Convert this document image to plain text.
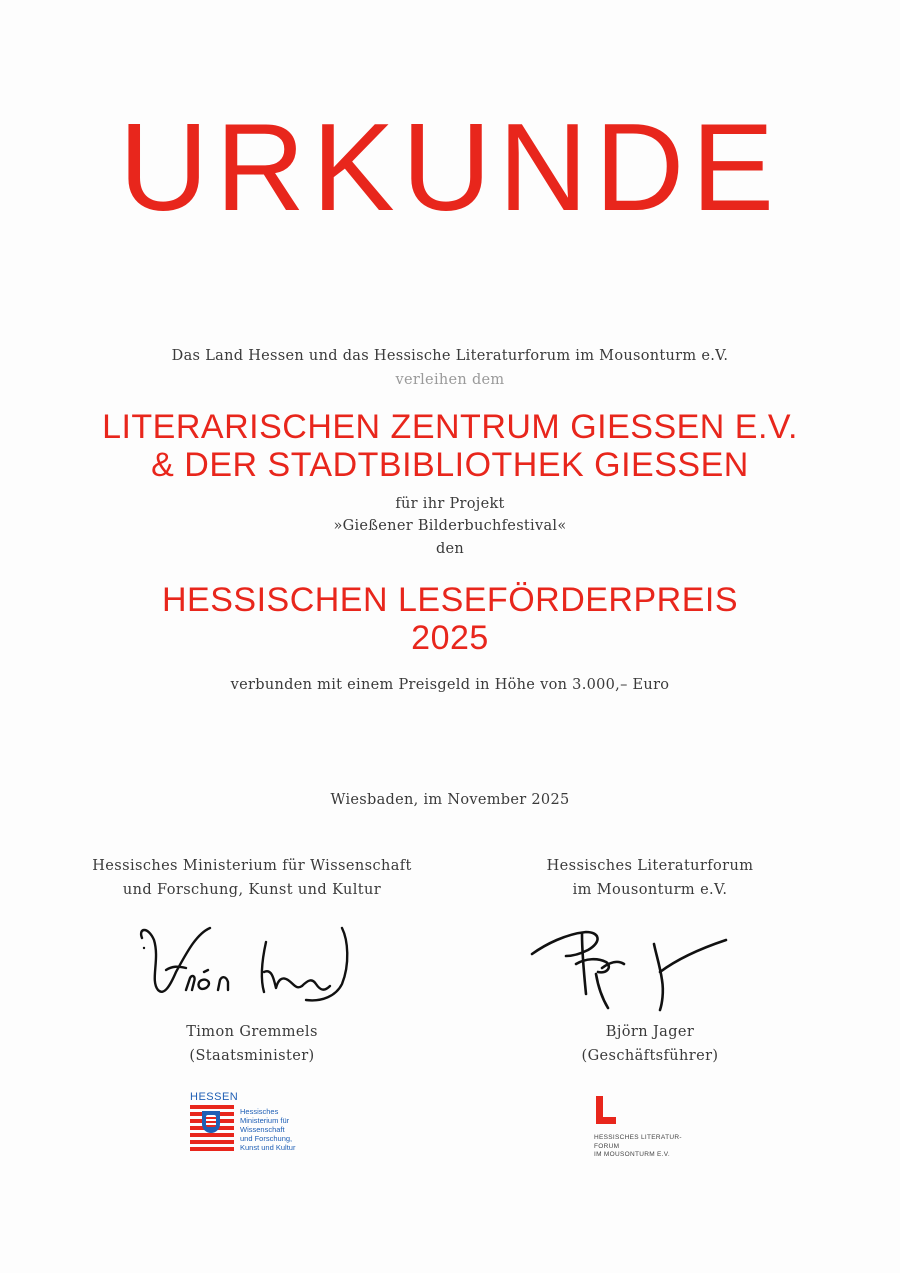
URKUNDE
Das Land Hessen und das Hessische Literaturforum im Mousonturm e.V.
verleihen dem
LITERARISCHEN ZENTRUM GIESSEN E.V.
& DER STADTBIBLIOTHEK GIESSEN
für ihr Projekt
»Gießener Bilderbuchfestival«
den
HESSISCHEN LESEFÖRDERPREIS
2025
verbunden mit einem Preisgeld in Höhe von 3.000,– Euro
Wiesbaden, im November 2025
Hessisches Ministerium für Wissenschaft
und Forschung, Kunst und Kultur
Timon Gremmels
(Staatsminister)
Hessisches Literaturforum
im Mousonturm e.V.
Björn Jager
(Geschäftsführer)
HESSEN
Hessisches
Ministerium für
Wissenschaft
und Forschung,
Kunst und Kultur
HESSISCHES LITERATUR-
FORUM
IM MOUSONTURM E.V.
